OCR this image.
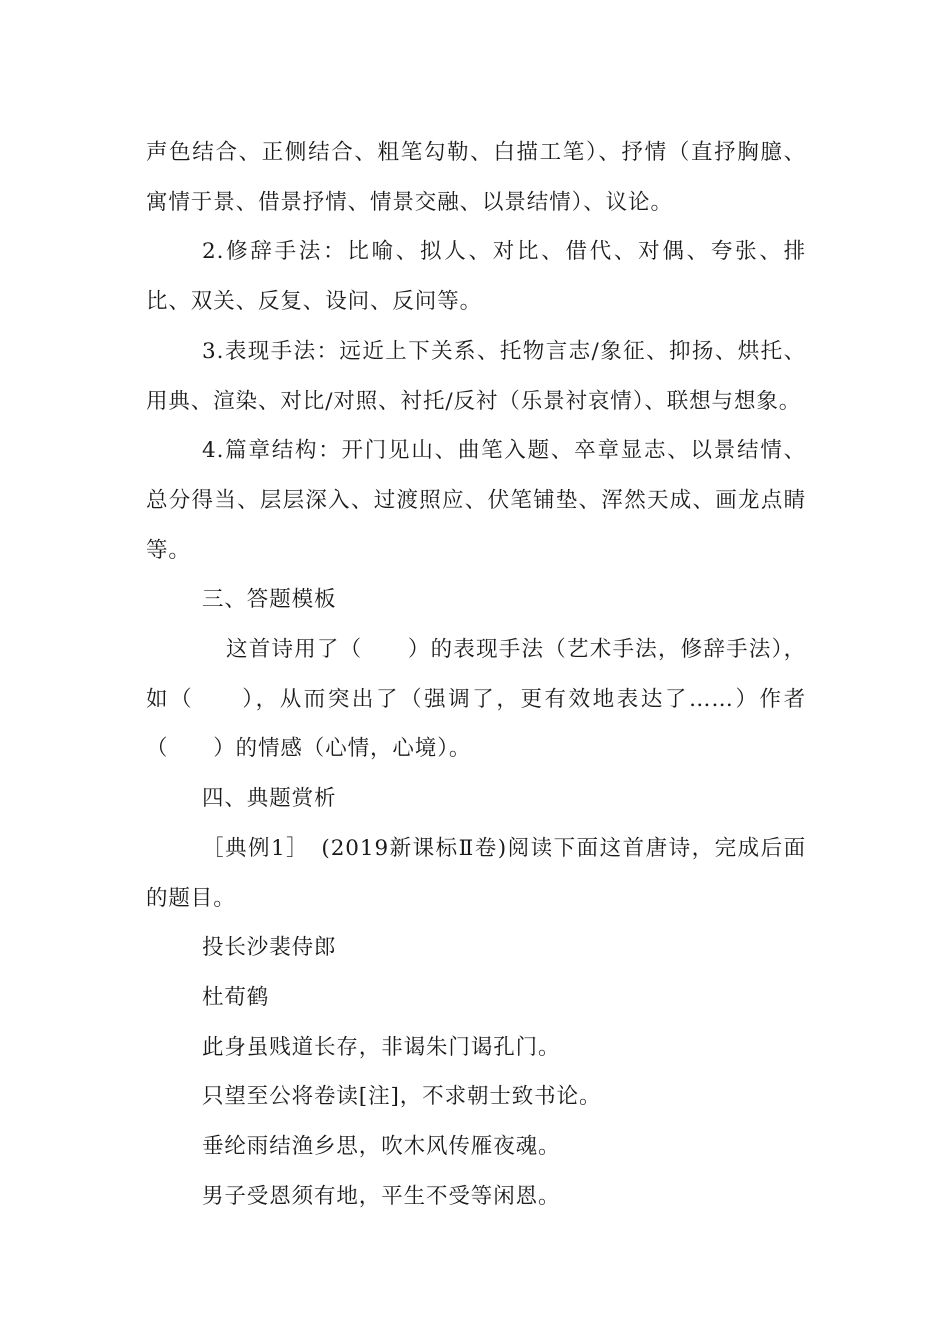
声色结合、正侧结合、粗笔勾勒、白描工笔）、抒情（直抒胸臆、寓情于景、借景抒情、情景交融、以景结情）、议论。

2.修辞手法：比喻、拟人、对比、借代、对偶、夸张、排比、双关、反复、设问、反问等。

3.表现手法：远近上下关系、托物言志/象征、抑扬、烘托、用典、渲染、对比/对照、衬托/反衬（乐景衬哀情）、联想与想象。

4.篇章结构：开门见山、曲笔入题、卒章显志、以景结情、总分得当、层层深入、过渡照应、伏笔铺垫、浑然天成、画龙点睛等。

三、答题模板

这首诗用了（　　）的表现手法（艺术手法，修辞手法），如（　　），从而突出了（强调了，更有效地表达了……）作者（　　）的情感（心情，心境）。

四、典题赏析

［典例1］　(2019新课标Ⅱ卷)阅读下面这首唐诗，完成后面的题目。

投长沙裴侍郎

杜荀鹤

此身虽贱道长存，非谒朱门谒孔门。

只望至公将卷读[注]，不求朝士致书论。

垂纶雨结渔乡思，吹木风传雁夜魂。

男子受恩须有地，平生不受等闲恩。
